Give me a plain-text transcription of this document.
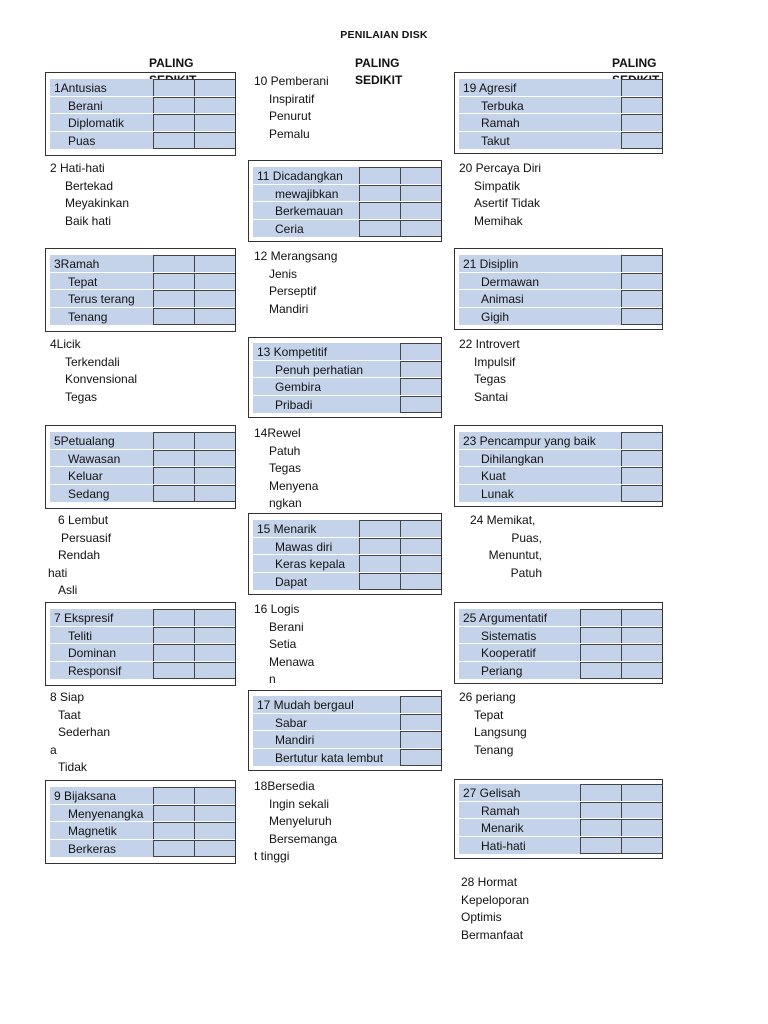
PENILAIAN DISK
PALING	PALING
SEDIKIT
PALING
1Antusias
Berani
Diplomatik
Puas
2 Hati-hati
Bertekad
Meyakinkan
Baik hati
3Ramah
Tepat
Terus terang
Tenang
4Licik
Terkendali
Konvensional
Tegas
5Petualang
Wawasan
Keluar
Sedang
6 Lembut
Persuasif
Rendah
hati
Asli
7 Ekspresif
Teliti
Dominan
Responsif
8 Siap
Taat
Sederhan
a
Tidak
9 Bijaksana
Menyenangka
Magnetik
Berkeras
10 Pemberani
Inspiratif
Penurut
Pemalu
11 Dicadangkan
mewajibkan
Berkemauan
Ceria
12 Merangsang
Jenis
Perseptif
Mandiri
13 Kompetitif
Penuh perhatian
Gembira
Pribadi
14Rewel
Patuh
Tegas
Menyena
ngkan
15 Menarik
Mawas diri
Keras kepala
Dapat
16 Logis
Berani
Setia
Menawa
n
17 Mudah bergaul
Sabar
Mandiri
Bertutur kata lembut
18Bersedia
Ingin sekali
Menyeluruh
Bersemanga
t tinggi
19 Agresif
Terbuka
Ramah
Takut
20 Percaya Diri
Simpatik
Asertif Tidak
Memihak
21 Disiplin
Dermawan
Animasi
Gigih
22 Introvert
Impulsif
Tegas
Santai
23 Pencampur yang baik
Dihilangkan
Kuat
Lunak
24 Memikat,
Puas,
Menuntut,
Patuh
25 Argumentatif
Sistematis
Kooperatif
Periang
26 periang
Tepat
Langsung
Tenang
27 Gelisah
Ramah
Menarik
Hati-hati
28 Hormat
Kepeloporan
Optimis
Bermanfaat
